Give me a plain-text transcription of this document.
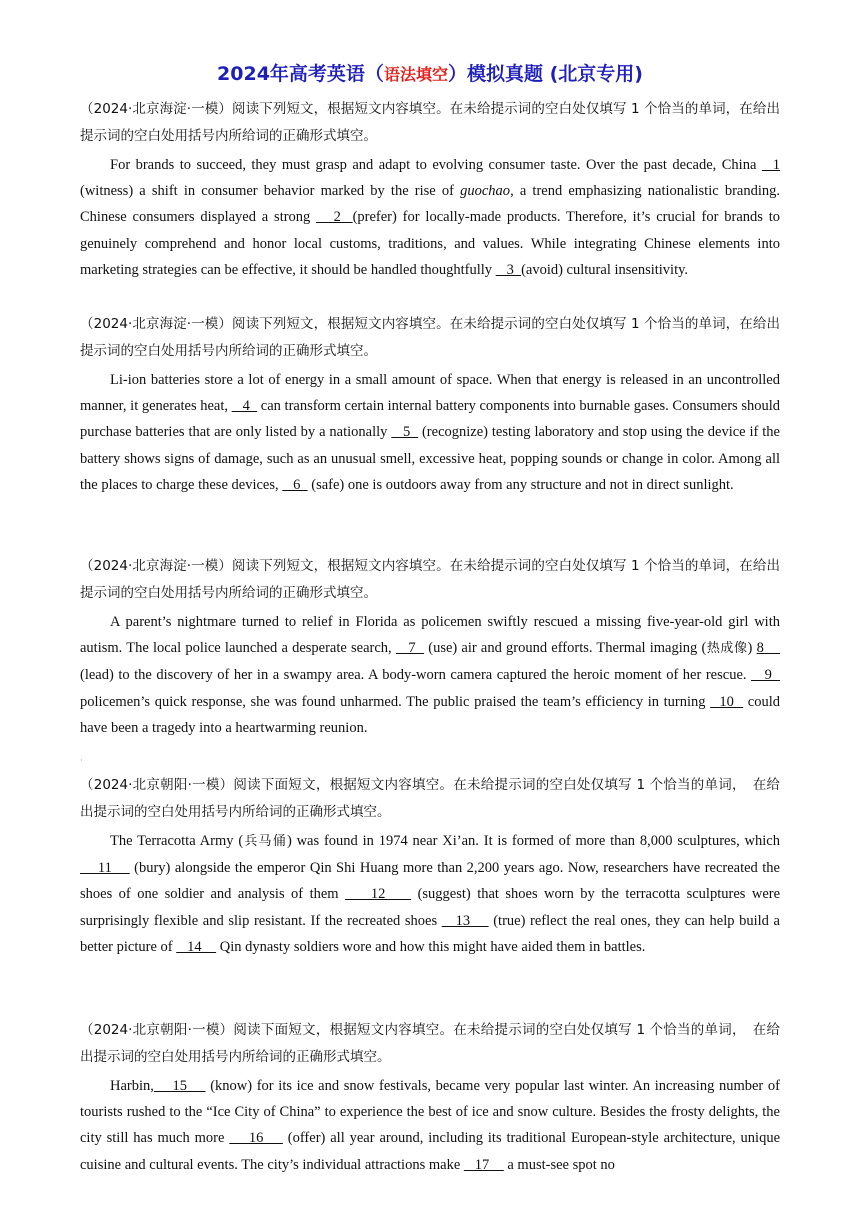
2024年高考英语（语法填空）模拟真题 (北京专用)

（2024·北京海淀·一模）阅读下列短文，根据短文内容填空。在未给提示词的空白处仅填写 1 个恰当的单词，在给出提示词的空白处用括号内所给词的正确形式填空。

For brands to succeed, they must grasp and adapt to evolving consumer taste. Over the past decade, China   1 (witness) a shift in consumer behavior marked by the rise of guochao, a trend emphasizing nationalistic branding. Chinese consumers displayed a strong    2  (prefer) for locally-made products. Therefore, it’s crucial for brands to genuinely comprehend and honor local customs, traditions, and values. While integrating Chinese elements into marketing strategies can be effective, it should be handled thoughtfully    3  (avoid) cultural insensitivity.

（2024·北京海淀·一模）阅读下列短文，根据短文内容填空。在未给提示词的空白处仅填写 1 个恰当的单词，在给出提示词的空白处用括号内所给词的正确形式填空。

Li-ion batteries store a lot of energy in a small amount of space. When that energy is released in an uncontrolled manner, it generates heat,    4   can transform certain internal battery components into burnable gases. Consumers should purchase batteries that are only listed by a nationally    5   (recognize) testing laboratory and stop using the device if the battery shows signs of damage, such as an unusual smell, excessive heat, popping sounds or change in color. Among all the places to charge these devices,    6   (safe) one is outdoors away from any structure and not in direct sunlight.

（2024·北京海淀·一模）阅读下列短文，根据短文内容填空。在未给提示词的空白处仅填写 1 个恰当的单词，在给出提示词的空白处用括号内所给词的正确形式填空。

A parent’s nightmare turned to relief in Florida as policemen swiftly rescued a missing five-year-old girl with autism. The local police launched a desperate search,    7   (use) air and ground efforts. Thermal imaging (热成像) 8     (lead) to the discovery of her in a swampy area. A body-worn camera captured the heroic moment of her rescue.    9   policemen’s quick response, she was found unharmed. The public praised the team’s efficiency in turning   10   could have been a tragedy into a heartwarming reunion.

·

（2024·北京朝阳·一模）阅读下面短文，根据短文内容填空。在未给提示词的空白处仅填写 1 个恰当的单词，　在给出提示词的空白处用括号内所给词的正确形式填空。

The Terracotta Army (兵马俑) was found in 1974 near Xi’an. It is formed of more than 8,000 sculptures, which     11     (bury) alongside the emperor Qin Shi Huang more than 2,200 years ago. Now, researchers have recreated the shoes of one soldier and analysis of them     12     (suggest) that shoes worn by the terracotta sculptures were surprisingly flexible and slip resistant. If the recreated shoes    13     (true) reflect the real ones, they can help build a better picture of    14     Qin dynasty soldiers wore and how this might have aided them in battles.

（2024·北京朝阳·一模）阅读下面短文，根据短文内容填空。在未给提示词的空白处仅填写 1 个恰当的单词，　在给出提示词的空白处用括号内所给词的正确形式填空。

Harbin,    15     (know) for its ice and snow festivals, became very popular last winter. An increasing number of tourists rushed to the “Ice City of China” to experience the best of ice and snow culture. Besides the frosty delights, the city still has much more     16     (offer) all year around, including its traditional European-style architecture, unique cuisine and cultural events. The city’s individual attractions make    17     a must-see spot no
